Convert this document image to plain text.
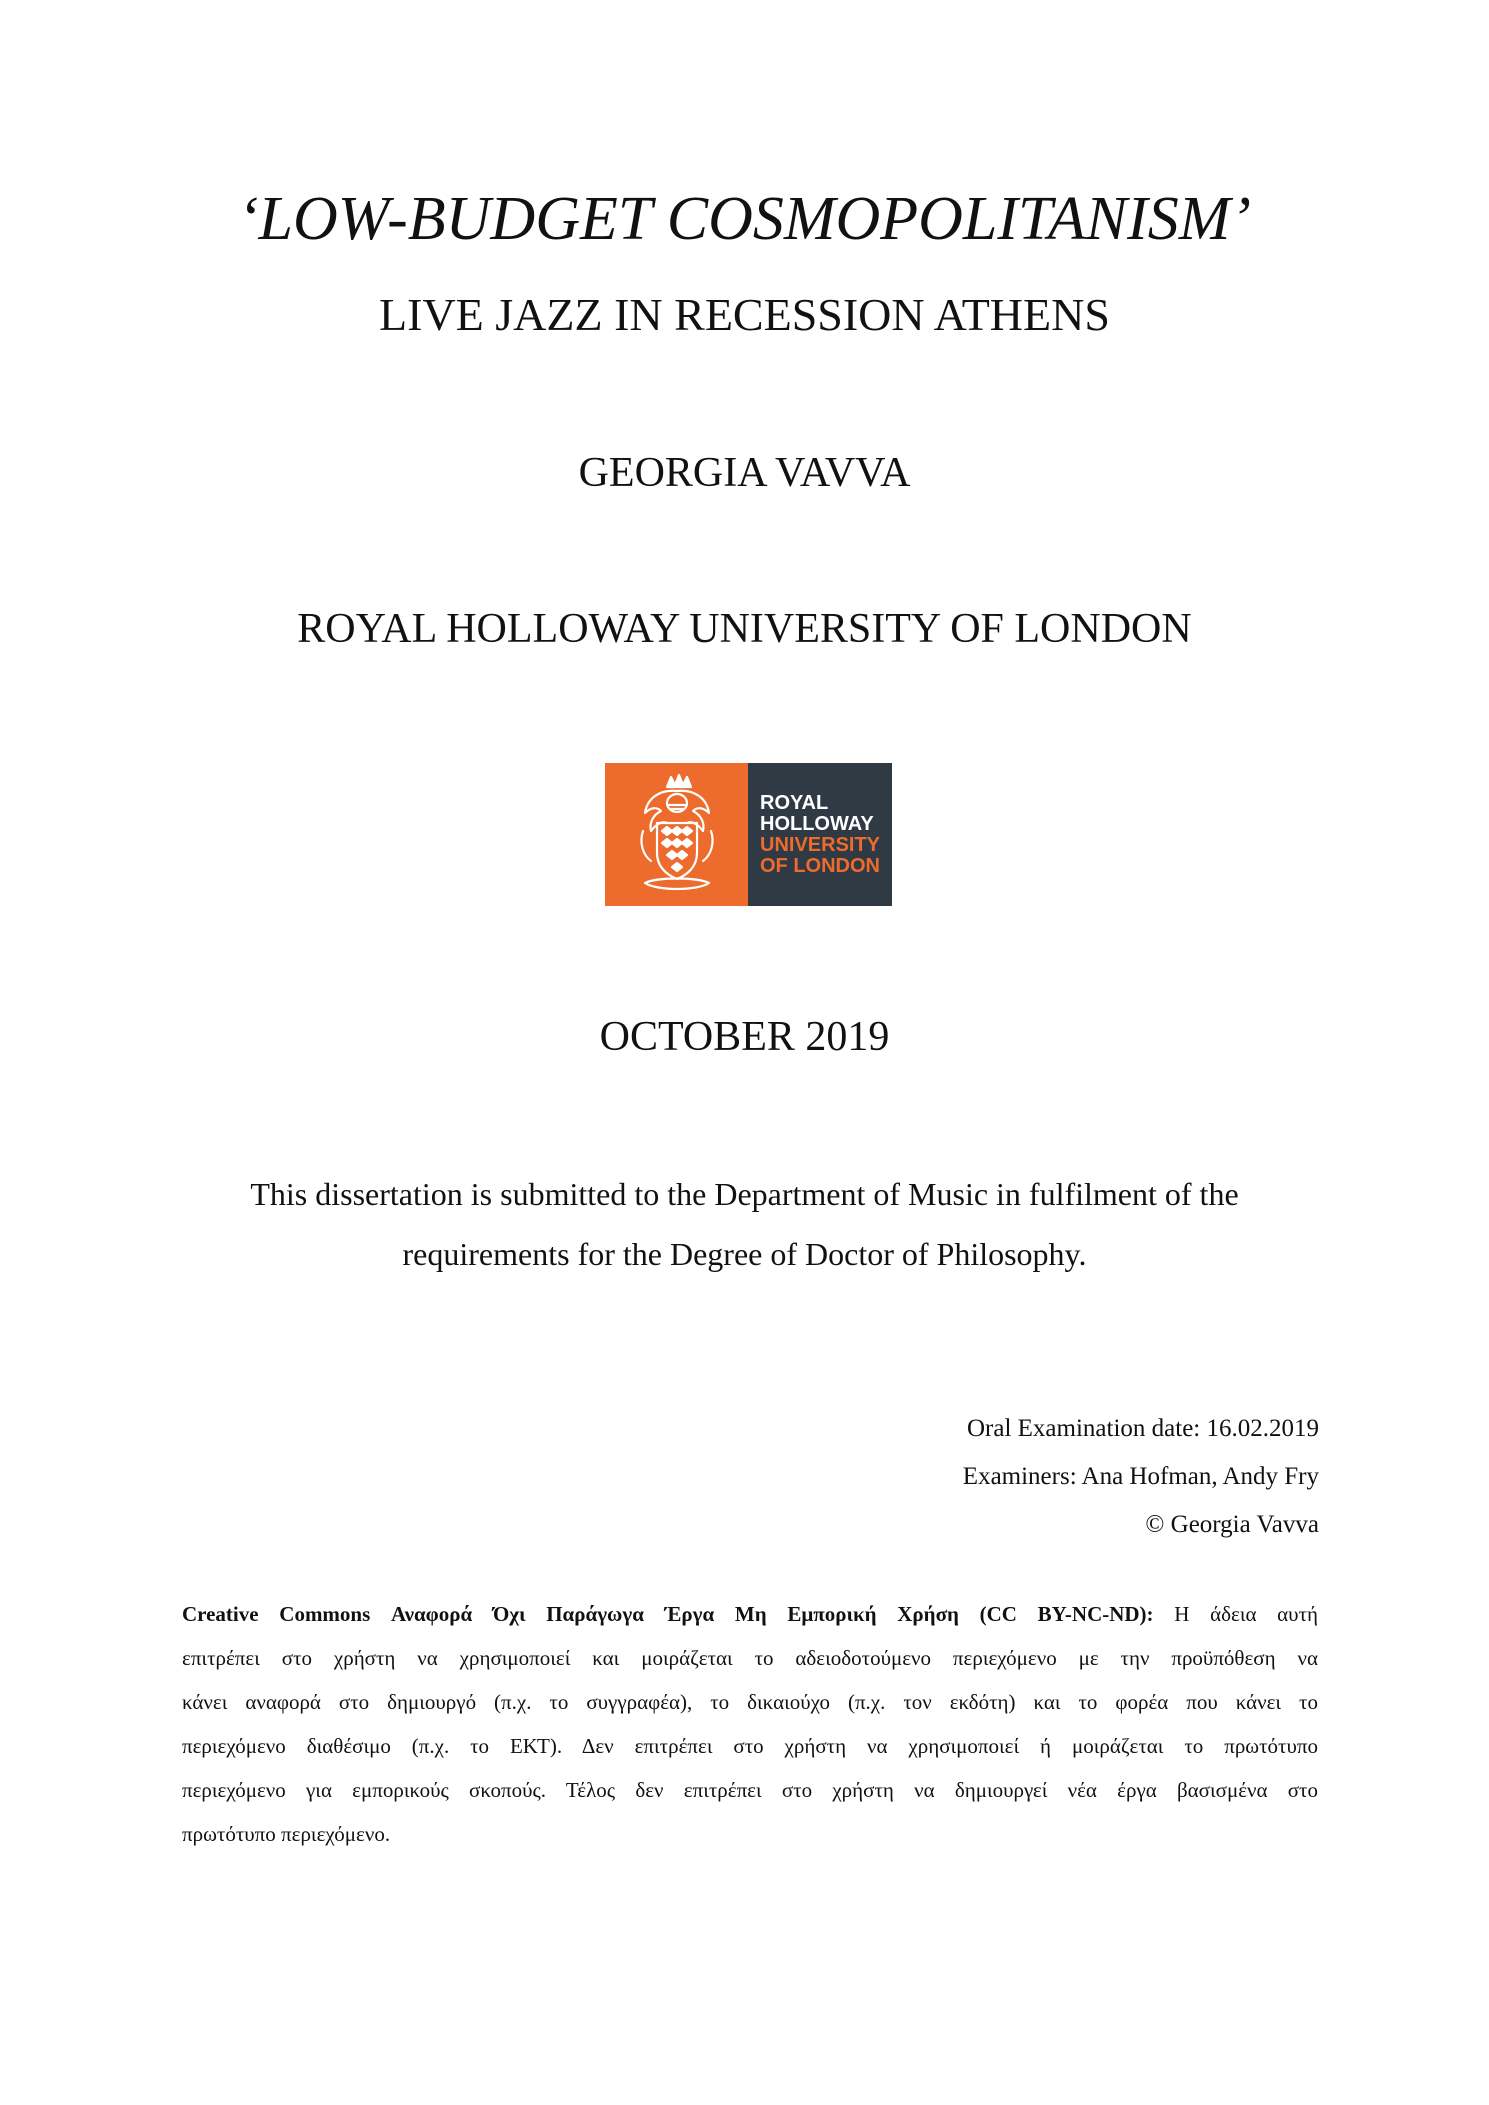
‘LOW-BUDGET COSMOPOLITANISM’
LIVE JAZZ IN RECESSION ATHENS
GEORGIA VAVVA
ROYAL HOLLOWAY UNIVERSITY OF LONDON
ROYAL
HOLLOWAY
UNIVERSITY
OF LONDON
OCTOBER 2019
This dissertation is submitted to the Department of Music in fulfilment of the
requirements for the Degree of Doctor of Philosophy.
Oral Examination date: 16.02.2019
Examiners: Ana Hofman, Andy Fry
© Georgia Vavva
Creative Commons Αναφορά Όχι Παράγωγα Έργα Μη Εμπορική Χρήση (CC BY-NC-ND): Η άδεια αυτή
επιτρέπει στο χρήστη να χρησιμοποιεί και μοιράζεται το αδειοδοτούμενο περιεχόμενο με την προϋπόθεση να
κάνει αναφορά στο δημιουργό (π.χ. το συγγραφέα), το δικαιούχο (π.χ. τον εκδότη) και το φορέα που κάνει το
περιεχόμενο διαθέσιμο (π.χ. το ΕΚΤ). Δεν επιτρέπει στο χρήστη να χρησιμοποιεί ή μοιράζεται το πρωτότυπο
περιεχόμενο για εμπορικούς σκοπούς. Τέλος δεν επιτρέπει στο χρήστη να δημιουργεί νέα έργα βασισμένα στο
πρωτότυπο περιεχόμενο.
